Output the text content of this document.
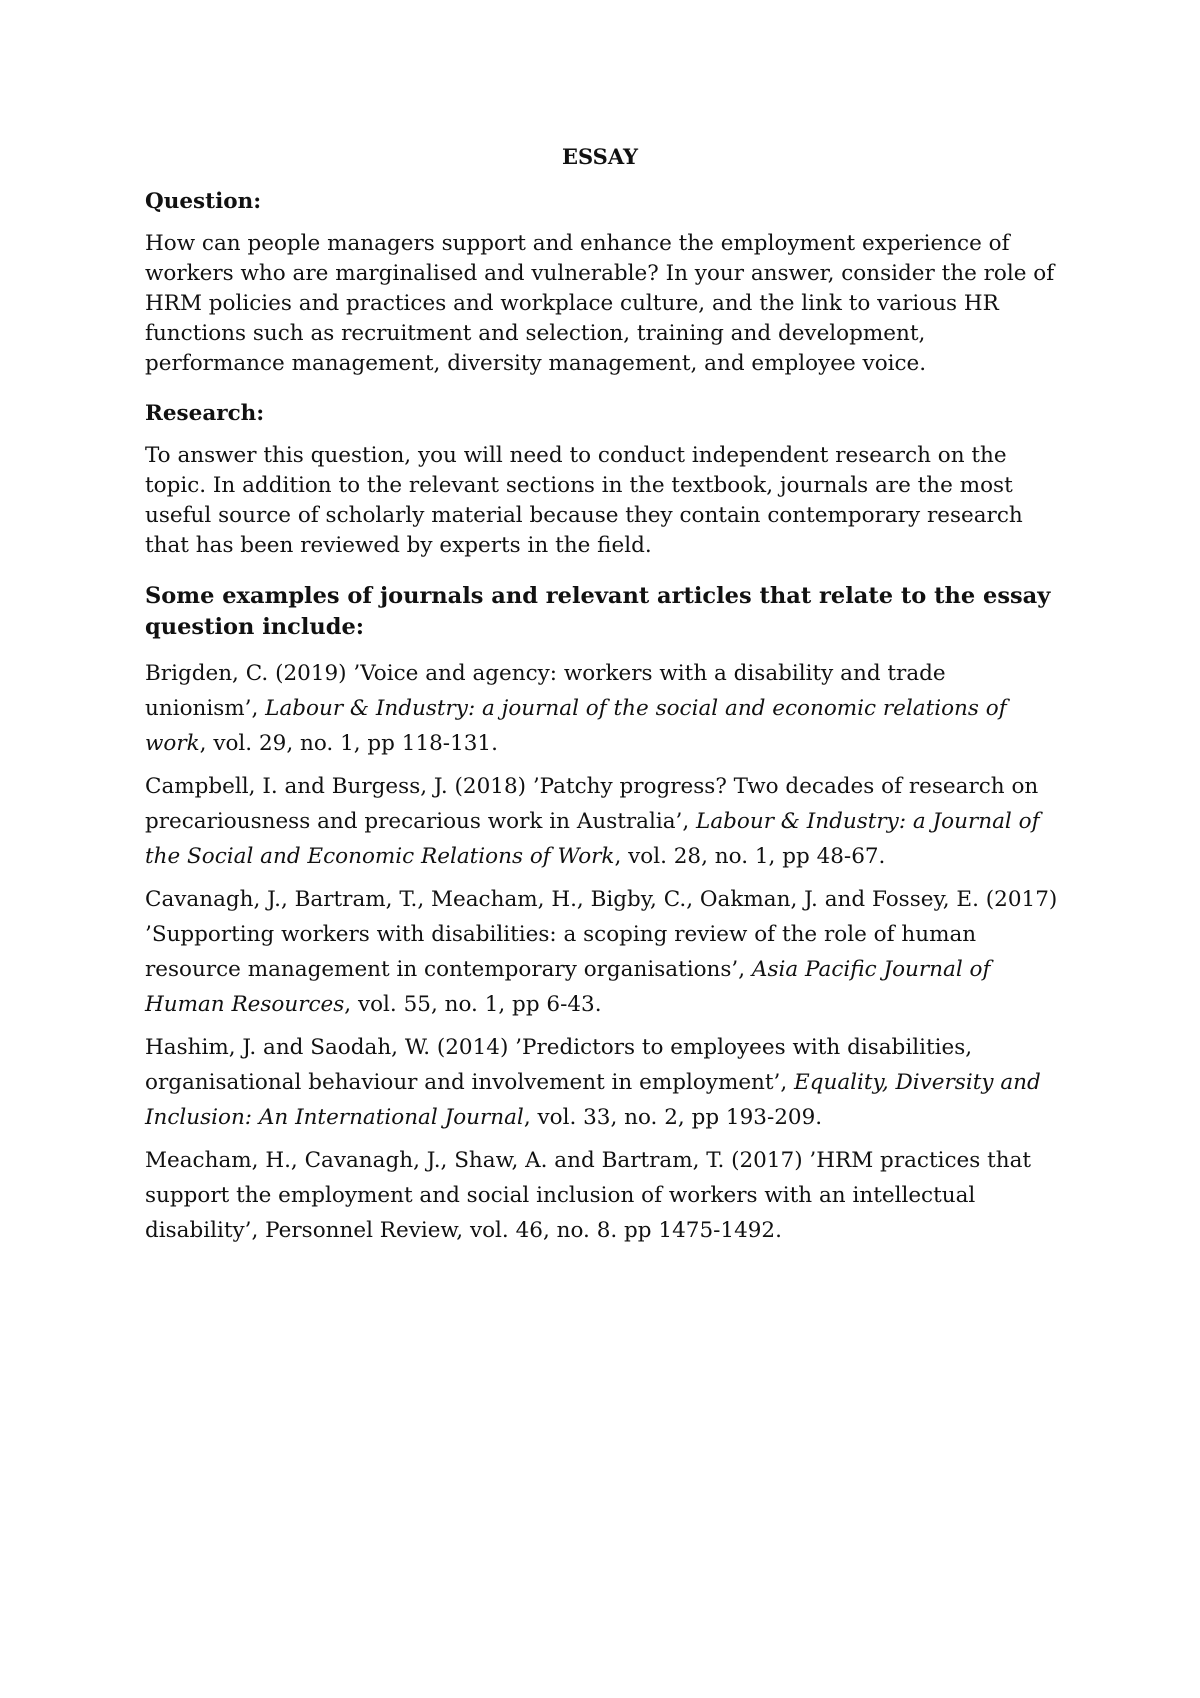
ESSAY

Question:

How can people managers support and enhance the employment experience of workers who are marginalised and vulnerable? In your answer, consider the role of HRM policies and practices and workplace culture, and the link to various HR functions such as recruitment and selection, training and development, performance management, diversity management, and employee voice.

Research:

To answer this question, you will need to conduct independent research on the topic. In addition to the relevant sections in the textbook, journals are the most useful source of scholarly material because they contain contemporary research that has been reviewed by experts in the field.

Some examples of journals and relevant articles that relate to the essay question include:

Brigden, C. (2019) ’Voice and agency: workers with a disability and trade unionism’, Labour & Industry: a journal of the social and economic relations of work, vol. 29, no. 1, pp 118-131.

Campbell, I. and Burgess, J. (2018) ’Patchy progress? Two decades of research on precariousness and precarious work in Australia’, Labour & Industry: a Journal of the Social and Economic Relations of Work, vol. 28, no. 1, pp 48-67.

Cavanagh, J., Bartram, T., Meacham, H., Bigby, C., Oakman, J. and Fossey, E. (2017) ’Supporting workers with disabilities: a scoping review of the role of human resource management in contemporary organisations’, Asia Pacific Journal of Human Resources, vol. 55, no. 1, pp 6-43.

Hashim, J. and Saodah, W. (2014) ’Predictors to employees with disabilities, organisational behaviour and involvement in employment’, Equality, Diversity and Inclusion: An International Journal, vol. 33, no. 2, pp 193-209.

Meacham, H., Cavanagh, J., Shaw, A. and Bartram, T. (2017) ’HRM practices that support the employment and social inclusion of workers with an intellectual disability’, Personnel Review, vol. 46, no. 8. pp 1475-1492.
